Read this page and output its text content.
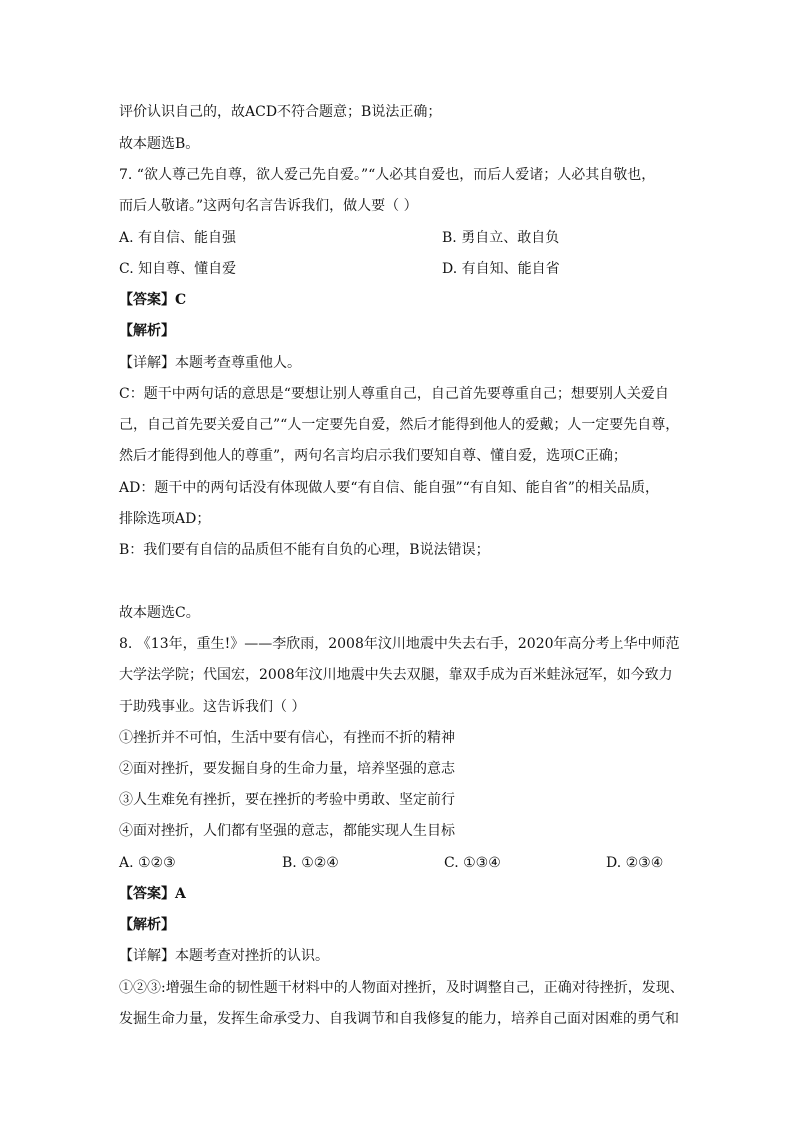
评价认识自己的，故ACD不符合题意；B说法正确；
故本题选B。
7. “欲人尊己先自尊，欲人爱己先自爱。”“人必其自爱也，而后人爱诸；人必其自敬也，
而后人敬诸。”这两句名言告诉我们，做人要（ ）
A. 有自信、能自强	B. 勇自立、敢自负
C. 知自尊、懂自爱	D. 有自知、能自省
【答案】C
【解析】
【详解】本题考查尊重他人。
C：题干中两句话的意思是“要想让别人尊重自己，自己首先要尊重自己；想要别人关爱自
己，自己首先要关爱自己”“人一定要先自爱，然后才能得到他人的爱戴；人一定要先自尊，
然后才能得到他人的尊重”，两句名言均启示我们要知自尊、懂自爱，选项C正确；
AD：题干中的两句话没有体现做人要“有自信、能自强”“有自知、能自省”的相关品质，
排除选项AD；
B：我们要有自信的品质但不能有自负的心理，B说法错误；
故本题选C。
8. 《13年，重生!》——李欣雨，2008年汶川地震中失去右手，2020年高分考上华中师范
大学法学院；代国宏，2008年汶川地震中失去双腿，靠双手成为百米蛙泳冠军，如今致力
于助残事业。这告诉我们（ ）
①挫折并不可怕，生活中要有信心，有挫而不折的精神
②面对挫折，要发掘自身的生命力量，培养坚强的意志
③人生难免有挫折，要在挫折的考验中勇敢、坚定前行
④面对挫折，人们都有坚强的意志，都能实现人生目标
A. ①②③	B. ①②④	C. ①③④	D. ②③④
【答案】A
【解析】
【详解】本题考查对挫折的认识。
①②③:增强生命的韧性题干材料中的人物面对挫折，及时调整自己，正确对待挫折，发现、
发掘生命力量，发挥生命承受力、自我调节和自我修复的能力，培养自己面对困难的勇气和
